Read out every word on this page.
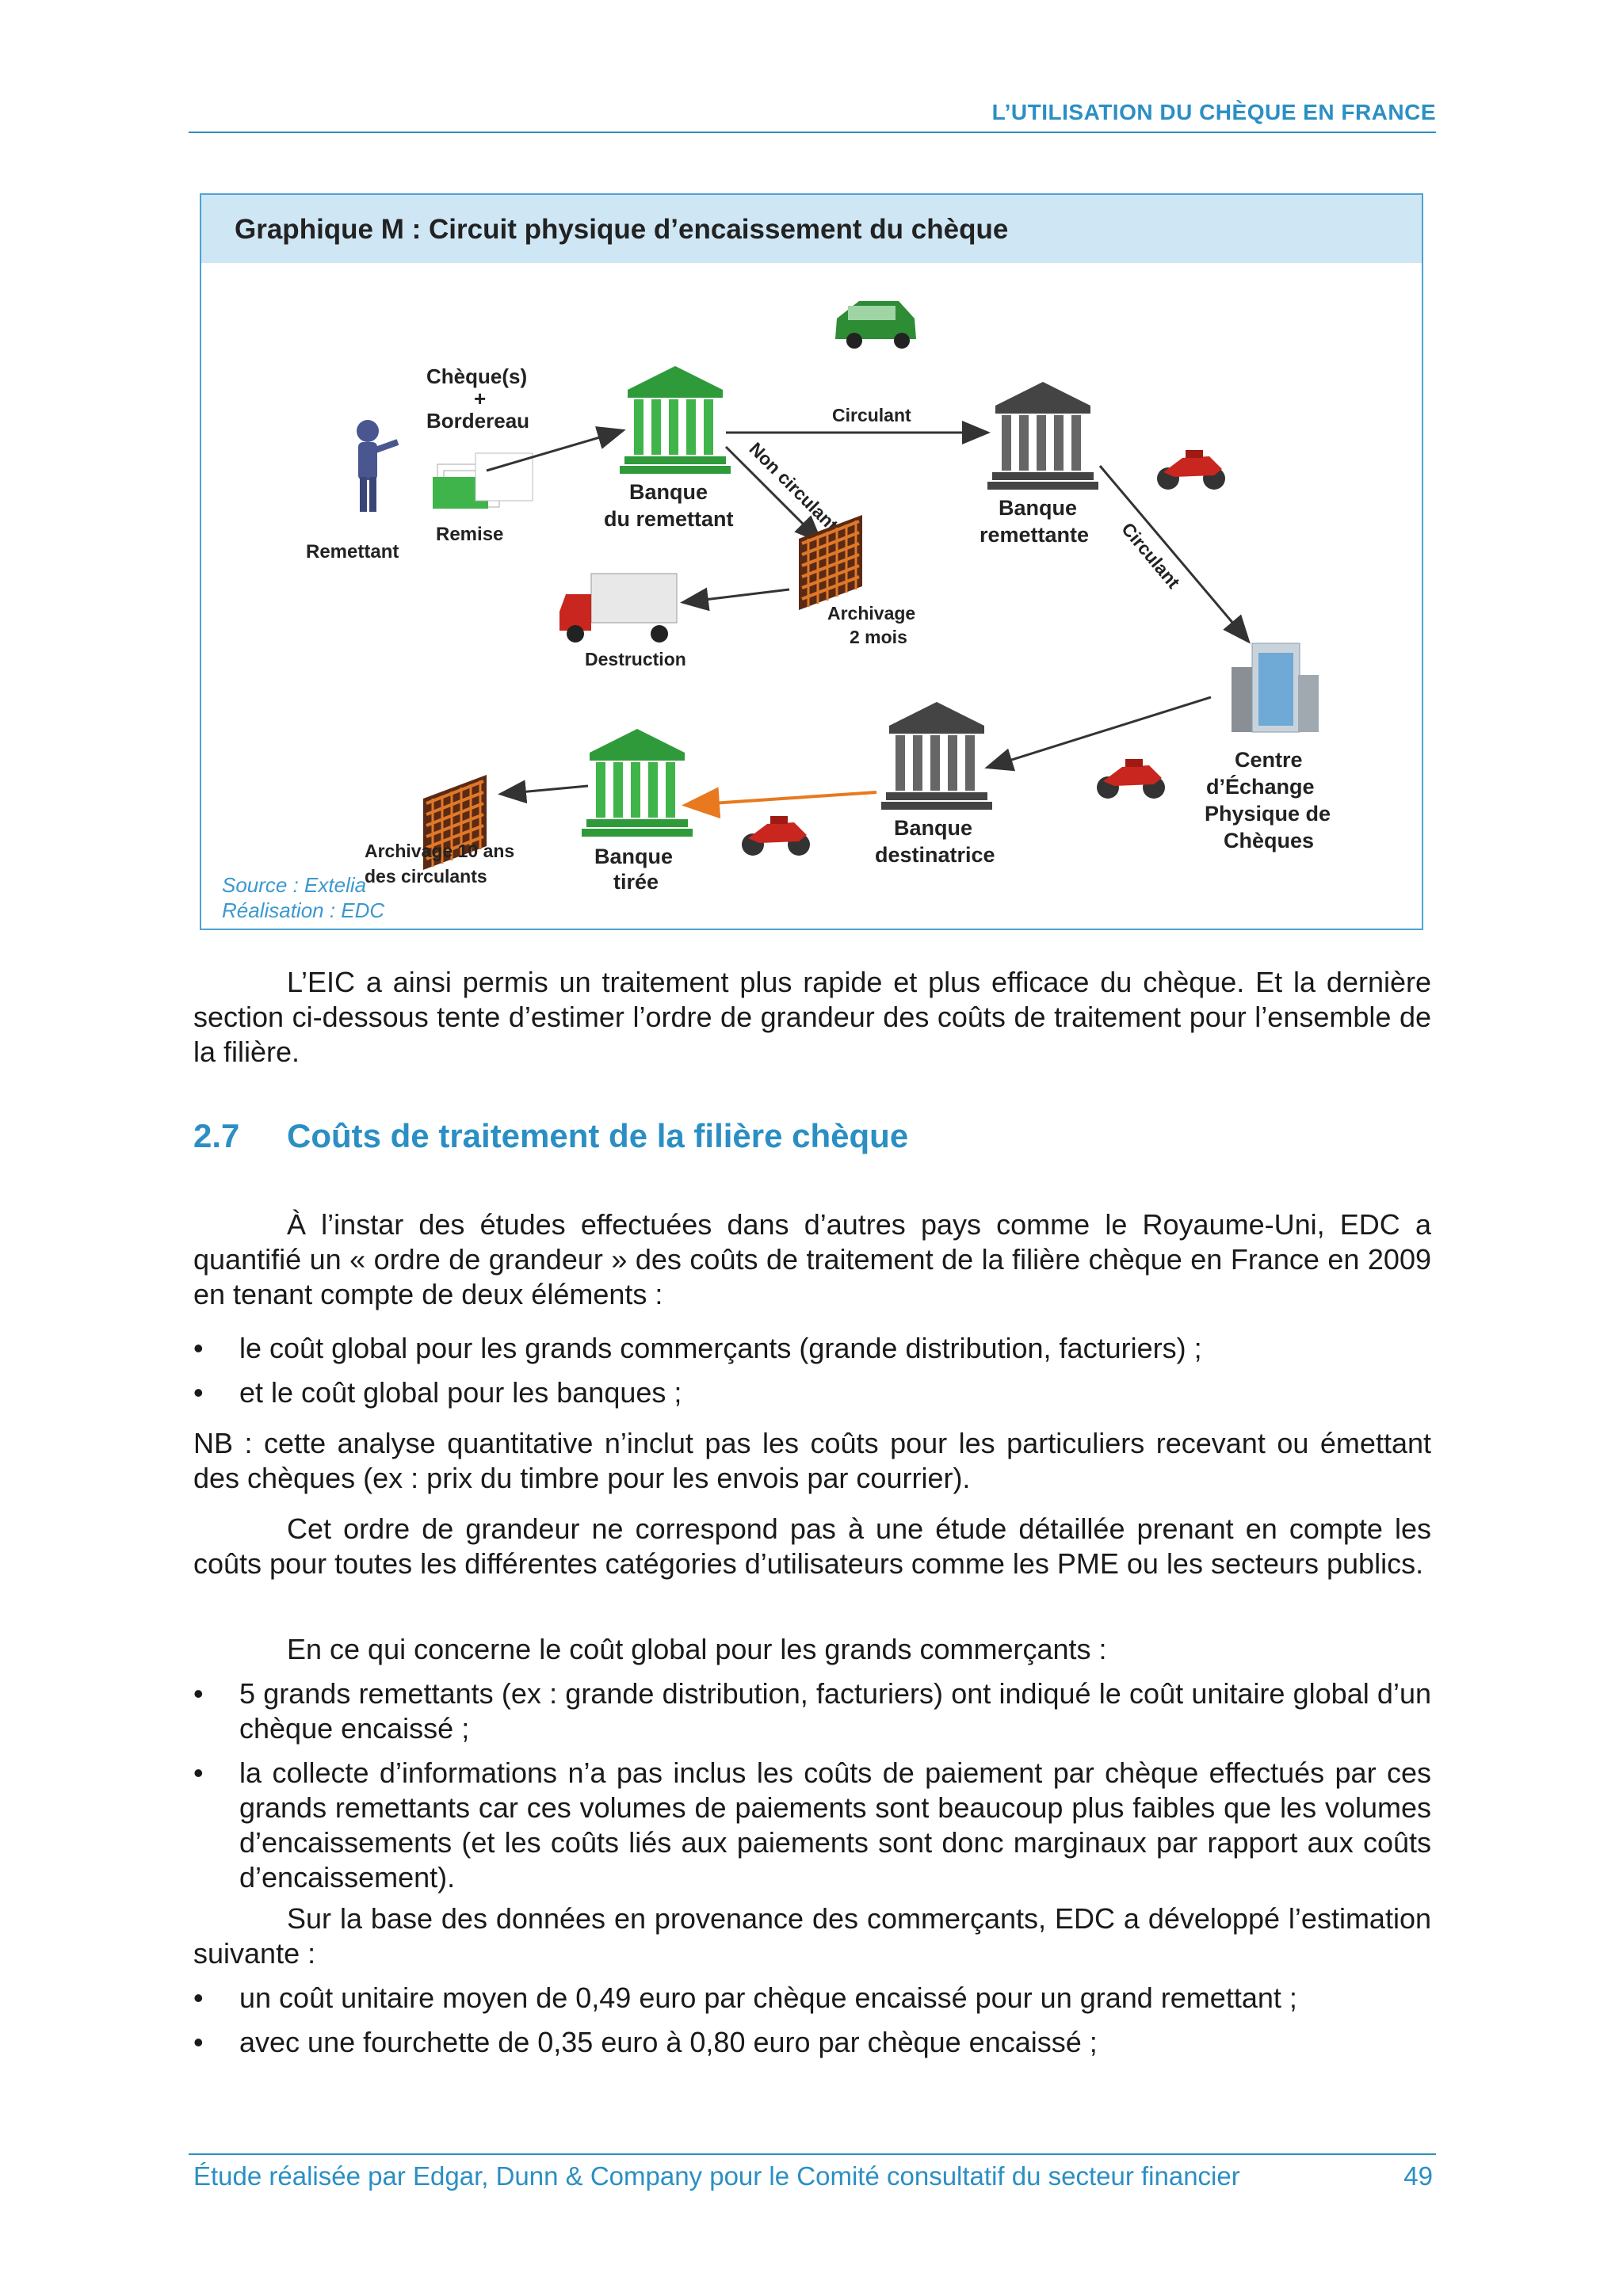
L’UTILISATION DU CHÈQUE EN FRANCE
Graphique M : Circuit physique d’encaissement du chèque
Remettant
Chèque(s)
+
Bordereau
Remise
Banque
du remettant
Circulant
Non circulant	Banque
remettante Circulant
Archivage
2 mois
Destruction
Centre
d’Échange
Physique de
Chèques
Banque
destinatrice
Banque
tirée
Archivage 10 ans
des circulants
Source : Extelia
Réalisation : EDC

L’EIC a ainsi permis un traitement plus rapide et plus efficace du chèque. Et la dernière section ci-dessous tente d’estimer l’ordre de grandeur des coûts de traitement pour l’ensemble de la filière.

2.7 Coûts de traitement de la filière chèque

À l’instar des études effectuées dans d’autres pays comme le Royaume-Uni, EDC a quantifié un « ordre de grandeur » des coûts de traitement de la filière chèque en France en 2009 en tenant compte de deux éléments :

•	le coût global pour les grands commerçants (grande distribution, facturiers) ;
•	et le coût global pour les banques ;

NB : cette analyse quantitative n’inclut pas les coûts pour les particuliers recevant ou émettant des chèques (ex : prix du timbre pour les envois par courrier).

Cet ordre de grandeur ne correspond pas à une étude détaillée prenant en compte les coûts pour toutes les différentes catégories d’utilisateurs comme les PME ou les secteurs publics.

En ce qui concerne le coût global pour les grands commerçants :

•	5 grands remettants (ex : grande distribution, facturiers) ont indiqué le coût unitaire global d’un chèque encaissé ;
•	la collecte d’informations n’a pas inclus les coûts de paiement par chèque effectués par ces grands remettants car ces volumes de paiements sont beaucoup plus faibles que les volumes d’encaissements (et les coûts liés aux paiements sont donc marginaux par rapport aux coûts d’encaissement).

Sur la base des données en provenance des commerçants, EDC a développé l’estimation suivante :

•	un coût unitaire moyen de 0,49 euro par chèque encaissé pour un grand remettant ;
•	avec une fourchette de 0,35 euro à 0,80 euro par chèque encaissé ;
Étude réalisée par Edgar, Dunn & Company pour le Comité consultatif du secteur financier	49
